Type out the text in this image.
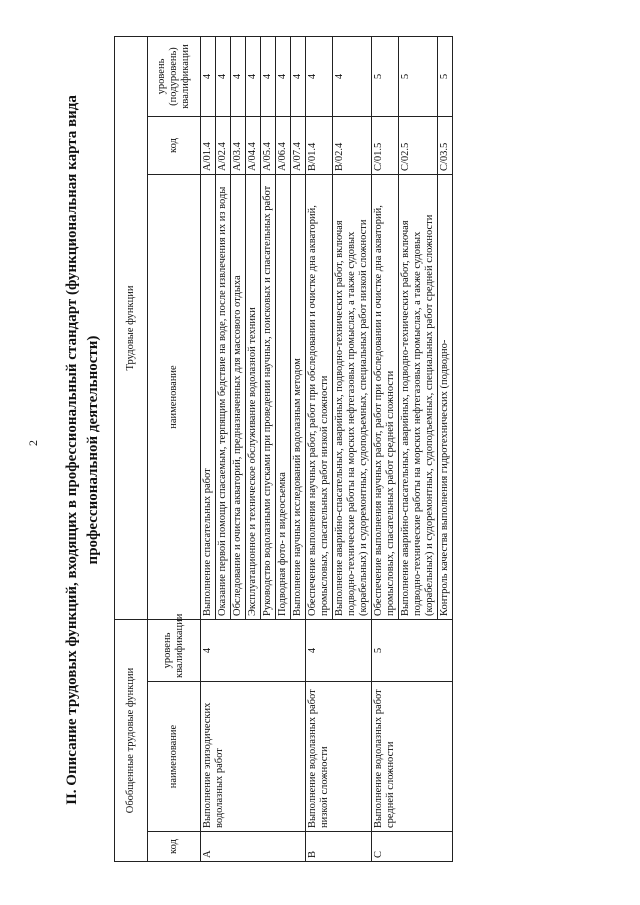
2 II. Описание трудовых функций, входящих в профессиональный стандарт (функциональная карта вида профессиональной деятельности)
Обобщенные трудовые функции			Трудовые функции		
код	наименование	уровень квалификации	наименование	код	уровень (подуровень) квалификации
A	Выполнение эпизодических водолазных работ	4	Выполнение спасательных работ	A/01.4	4
			Оказание первой помощи спасаемым, терпящим бедствие на воде, после извлечения их из воды	A/02.4	4
			Обследование и очистка акваторий, предназначенных для массового отдыха	A/03.4	4
			Эксплуатационное и техническое обслуживание водолазной техники	A/04.4	4
			Руководство водолазными спусками при проведении научных, поисковых и спасательных работ	A/05.4	4
			Подводная фото- и видеосъемка	A/06.4	4
			Выполнение научных исследований водолазным методом	A/07.4	4
B	Выполнение водолазных работ низкой сложности	4	Обеспечение выполнения научных работ, работ при обследовании и очистке дна акваторий, промысловых, спасательных работ низкой сложности	B/01.4	4
			Выполнение аварийно-спасательных, аварийных, подводно-технических работ, включая подводно-технические работы на морских нефтегазовых промыслах, а также судовых (корабельных) и судоремонтных, судоподъемных, специальных работ низкой сложности	B/02.4	4
C	Выполнение водолазных работ средней сложности	5	Обеспечение выполнения научных работ, работ при обследовании и очистке дна акваторий, промысловых, спасательных работ средней сложности	C/01.5	5
			Выполнение аварийно-спасательных, аварийных, подводно-технических работ, включая подводно-технические работы на морских нефтегазовых промыслах, а также судовых (корабельных) и судоремонтных, судоподъемных, специальных работ средней сложности	C/02.5	5
			Контроль качества выполнения гидротехнических (подводно-	C/03.5	5
